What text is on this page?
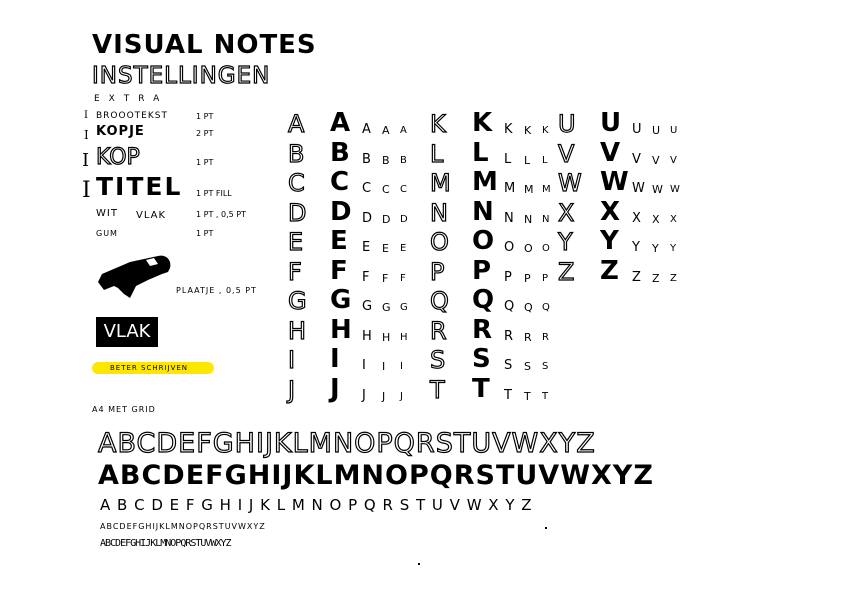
VISUAL NOTES
INSTELLINGEN
EXTRA
I BROOOTEKST	1 PT
I KOPJE	2 PT
I KOP	1 PT
I TITEL 1 PT FILL
WIT VLAK	1 PT , 0,5 PT
GUM	1 PT
PLAATJE , 0,5 PT
VLAK
BETER SCHRIJVEN
A4 MET GRID
A A A A A
B B B B B
C C C C C
D D D D D
E E E E E
F F F F F
G G G G G
H H H H H
I I I I I
J J J J J
K K K K K
L L L L L
M M M M M
N N N N N
O O O O O
P P P P P
Q Q Q Q Q
R R R R R
S S S S S
T T T T T
U U U U U
V V V V V
W W W W W
X X X X X
Y Y Y Y Y
Z Z Z Z Z
ABCDEFGHIJKLMNOPQRSTUVWXYZ
ABCDEFGHIJKLMNOPQRSTUVWXYZ
A B C D E F G H I J K L M N O P Q R S T U V W X Y Z
ABCDEFGHIJKLMNOPQRSTUVWXYZ
ABCDEFGHIJKLMNOPQRSTUVWXYZ
